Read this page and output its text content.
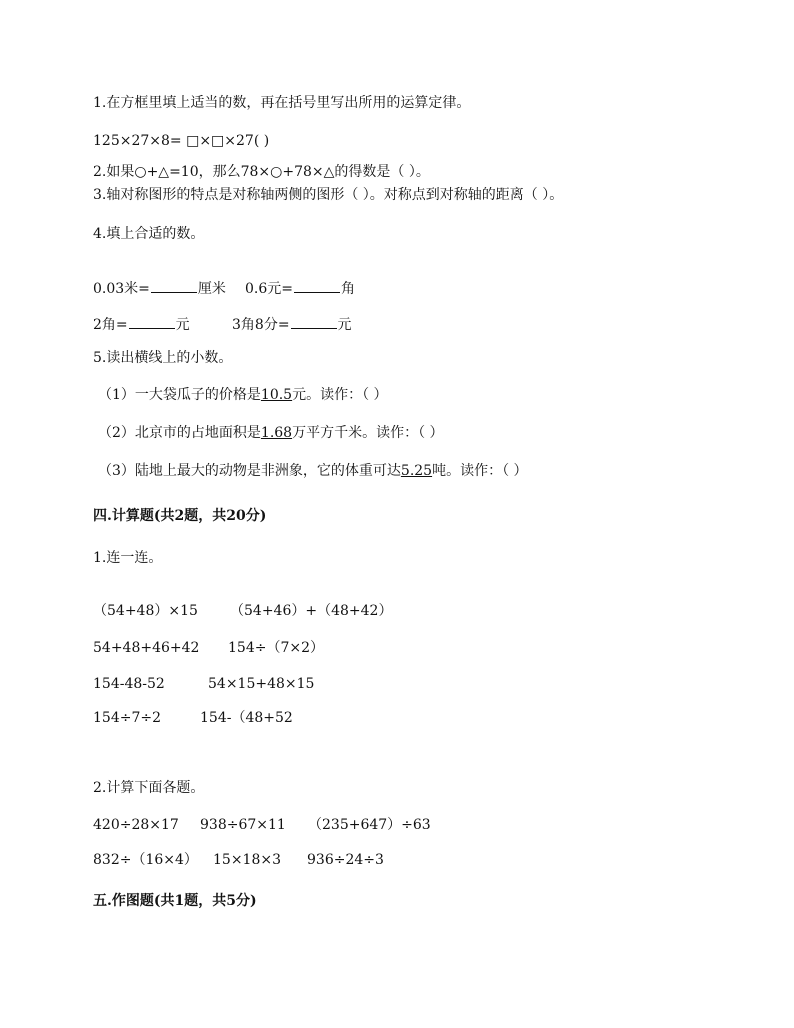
1.在方框里填上适当的数，再在括号里写出所用的运算定律。
125×27×8= □×□×27( )
2.如果○+△=10，那么78×○+78×△的得数是（ ）。
3.轴对称图形的特点是对称轴两侧的图形（ ）。对称点到对称轴的距离（ ）。
4.填上合适的数。
0.03米=	厘米 0.6元=	角
2角=	元	3角8分=	元
5.读出横线上的小数。
（1）一大袋瓜子的价格是10.5元。读作：（ ）
（2）北京市的占地面积是1.68万平方千米。读作：（ ）
（3）陆地上最大的动物是非洲象，它的体重可达5.25吨。读作：（ ）
四.计算题(共2题，共20分)
1.连一连。
（54+48）×15 （54+46）+（48+42）
54+48+46+42 154÷（7×2）
154-48-52	54×15+48×15
154÷7÷2	154-（48+52
2.计算下面各题。
420÷28×17 938÷67×11 （235+647）÷63
832÷（16×4） 15×18×3 936÷24÷3
五.作图题(共1题，共5分)
